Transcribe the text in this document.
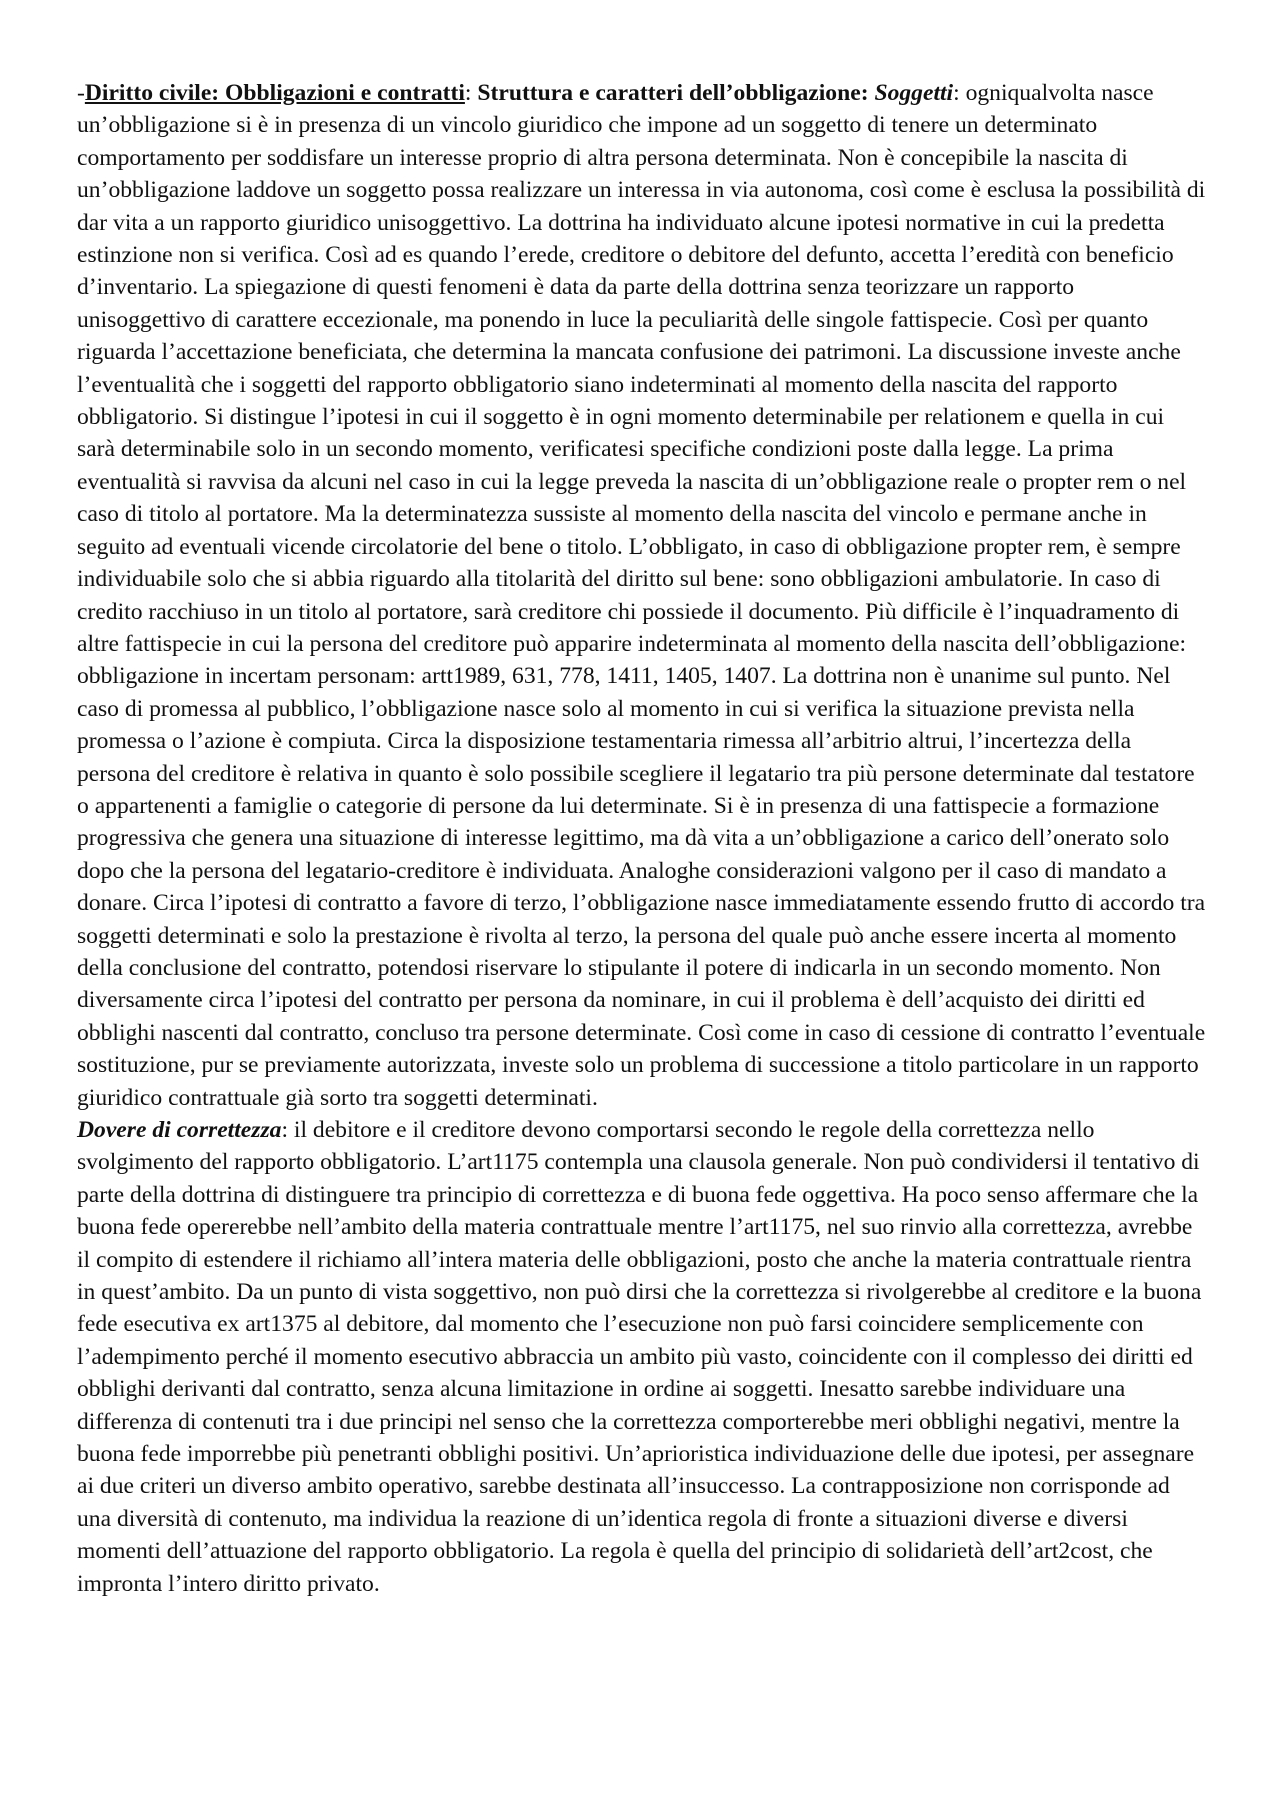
-Diritto civile: Obbligazioni e contratti: Struttura e caratteri dell’obbligazione: Soggetti: ogniqualvolta nasce un’obbligazione si è in presenza di un vincolo giuridico che impone ad un soggetto di tenere un determinato comportamento per soddisfare un interesse proprio di altra persona determinata. Non è concepibile la nascita di un’obbligazione laddove un soggetto possa realizzare un interessa in via autonoma, così come è esclusa la possibilità di dar vita a un rapporto giuridico unisoggettivo. La dottrina ha individuato alcune ipotesi normative in cui la predetta estinzione non si verifica. Così ad es quando l’erede, creditore o debitore del defunto, accetta l’eredità con beneficio d’inventario. La spiegazione di questi fenomeni è data da parte della dottrina senza teorizzare un rapporto unisoggettivo di carattere eccezionale, ma ponendo in luce la peculiarità delle singole fattispecie. Così per quanto riguarda l’accettazione beneficiata, che determina la mancata confusione dei patrimoni. La discussione investe anche l’eventualità che i soggetti del rapporto obbligatorio siano indeterminati al momento della nascita del rapporto obbligatorio. Si distingue l’ipotesi in cui il soggetto è in ogni momento determinabile per relationem e quella in cui sarà determinabile solo in un secondo momento, verificatesi specifiche condizioni poste dalla legge. La prima eventualità si ravvisa da alcuni nel caso in cui la legge preveda la nascita di un’obbligazione reale o propter rem o nel caso di titolo al portatore. Ma la determinatezza sussiste al momento della nascita del vincolo e permane anche in seguito ad eventuali vicende circolatorie del bene o titolo. L’obbligato, in caso di obbligazione propter rem, è sempre individuabile solo che si abbia riguardo alla titolarità del diritto sul bene: sono obbligazioni ambulatorie. In caso di credito racchiuso in un titolo al portatore, sarà creditore chi possiede il documento. Più difficile è l’inquadramento di altre fattispecie in cui la persona del creditore può apparire indeterminata al momento della nascita dell’obbligazione: obbligazione in incertam personam: artt1989, 631, 778, 1411, 1405, 1407. La dottrina non è unanime sul punto. Nel caso di promessa al pubblico, l’obbligazione nasce solo al momento in cui si verifica la situazione prevista nella promessa o l’azione è compiuta. Circa la disposizione testamentaria rimessa all’arbitrio altrui, l’incertezza della persona del creditore è relativa in quanto è solo possibile scegliere il legatario tra più persone determinate dal testatore o appartenenti a famiglie o categorie di persone da lui determinate. Si è in presenza di una fattispecie a formazione progressiva che genera una situazione di interesse legittimo, ma dà vita a un’obbligazione a carico dell’onerato solo dopo che la persona del legatario-creditore è individuata. Analoghe considerazioni valgono per il caso di mandato a donare. Circa l’ipotesi di contratto a favore di terzo, l’obbligazione nasce immediatamente essendo frutto di accordo tra soggetti determinati e solo la prestazione è rivolta al terzo, la persona del quale può anche essere incerta al momento della conclusione del contratto, potendosi riservare lo stipulante il potere di indicarla in un secondo momento. Non diversamente circa l’ipotesi del contratto per persona da nominare, in cui il problema è dell’acquisto dei diritti ed obblighi nascenti dal contratto, concluso tra persone determinate. Così come in caso di cessione di contratto l’eventuale sostituzione, pur se previamente autorizzata, investe solo un problema di successione a titolo particolare in un rapporto giuridico contrattuale già sorto tra soggetti determinati.

Dovere di correttezza: il debitore e il creditore devono comportarsi secondo le regole della correttezza nello svolgimento del rapporto obbligatorio. L’art1175 contempla una clausola generale. Non può condividersi il tentativo di parte della dottrina di distinguere tra principio di correttezza e di buona fede oggettiva. Ha poco senso affermare che la buona fede opererebbe nell’ambito della materia contrattuale mentre l’art1175, nel suo rinvio alla correttezza, avrebbe il compito di estendere il richiamo all’intera materia delle obbligazioni, posto che anche la materia contrattuale rientra in quest’ambito. Da un punto di vista soggettivo, non può dirsi che la correttezza si rivolgerebbe al creditore e la buona fede esecutiva ex art1375 al debitore, dal momento che l’esecuzione non può farsi coincidere semplicemente con l’adempimento perché il momento esecutivo abbraccia un ambito più vasto, coincidente con il complesso dei diritti ed obblighi derivanti dal contratto, senza alcuna limitazione in ordine ai soggetti. Inesatto sarebbe individuare una differenza di contenuti tra i due principi nel senso che la correttezza comporterebbe meri obblighi negativi, mentre la buona fede imporrebbe più penetranti obblighi positivi. Un’aprioristica individuazione delle due ipotesi, per assegnare ai due criteri un diverso ambito operativo, sarebbe destinata all’insuccesso. La contrapposizione non corrisponde ad una diversità di contenuto, ma individua la reazione di un’identica regola di fronte a situazioni diverse e diversi momenti dell’attuazione del rapporto obbligatorio. La regola è quella del principio di solidarietà dell’art2cost, che impronta l’intero diritto privato.
